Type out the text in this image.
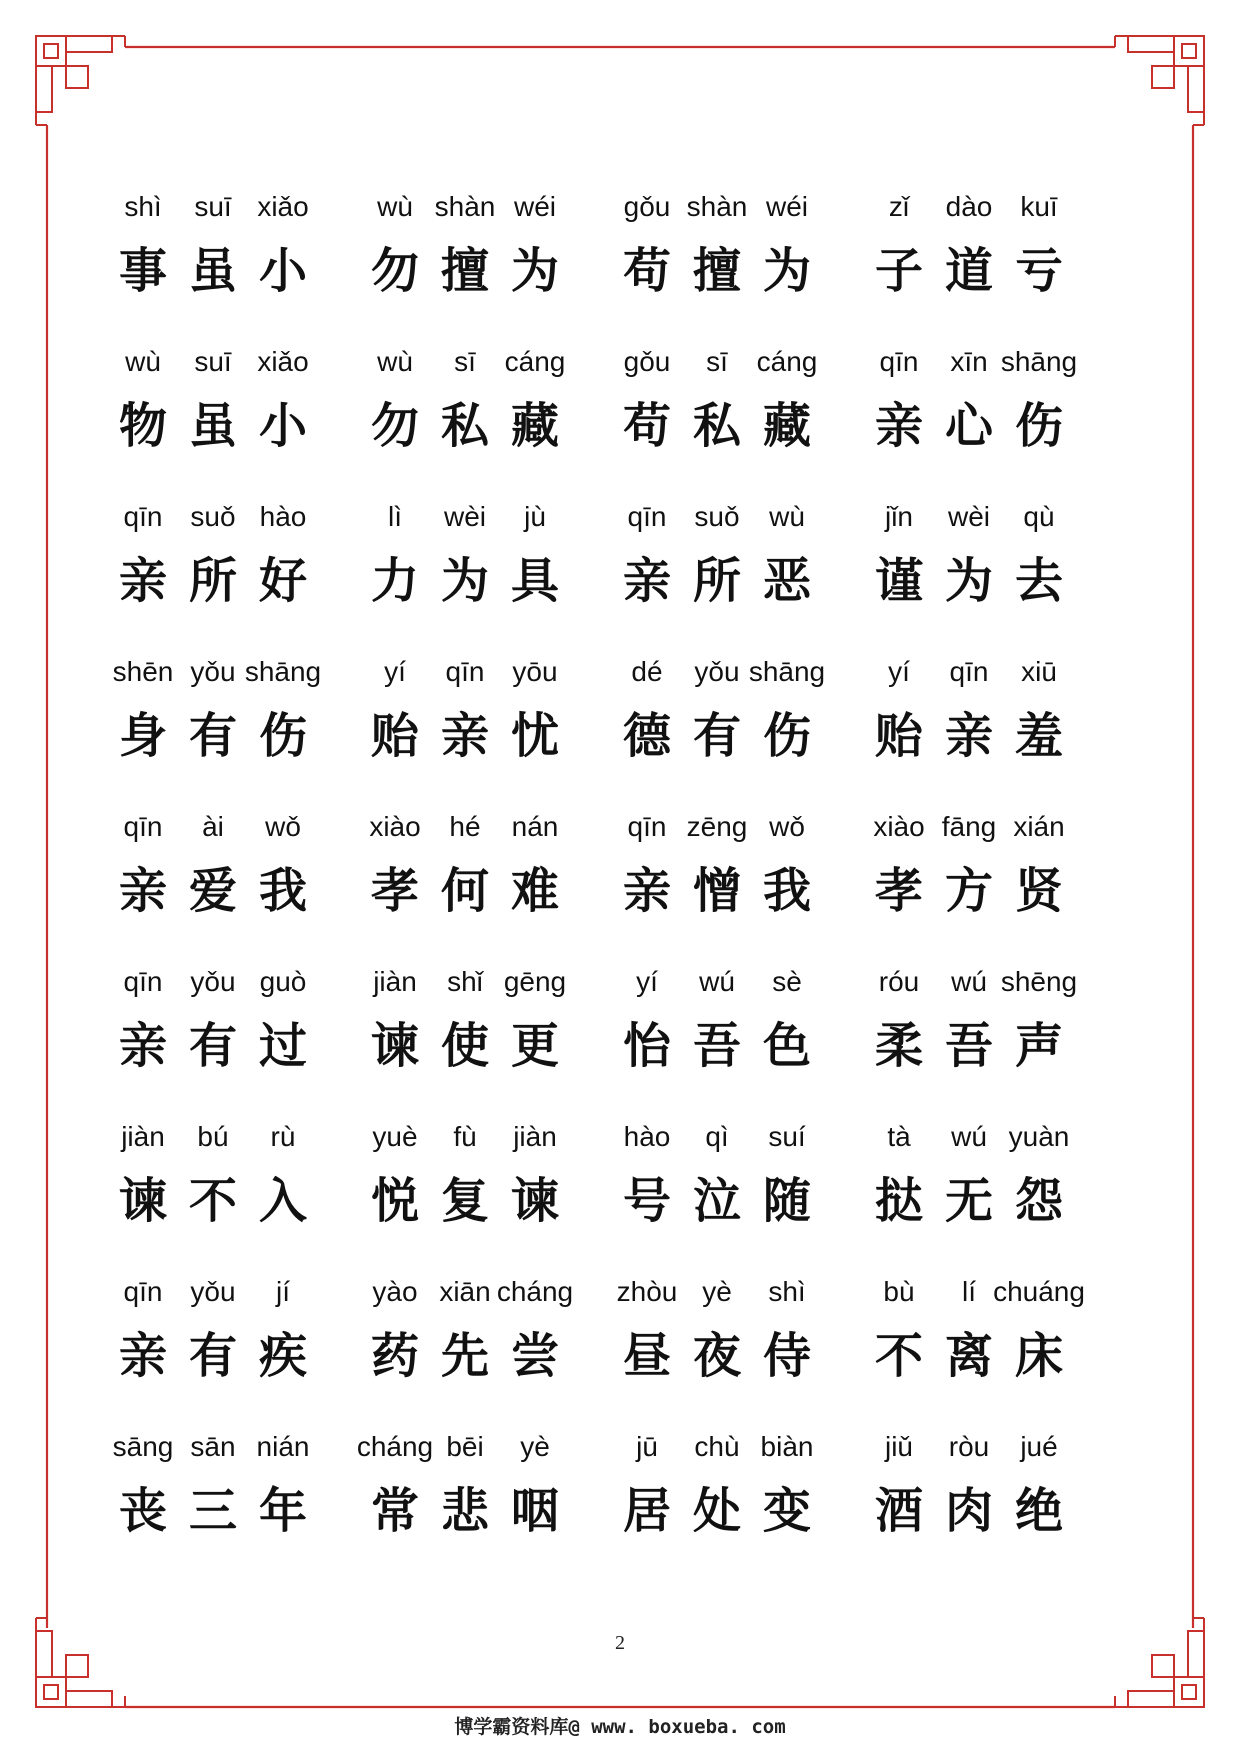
shì
事
suī
虽
xiǎo
小
wù
勿
shàn
擅
wéi
为
gǒu
苟
shàn
擅
wéi
为
zǐ
子
dào
道
kuī
亏
wù
物
suī
虽
xiǎo
小
wù
勿
sī
私
cáng
藏
gǒu
苟
sī
私
cáng
藏
qīn
亲
xīn
心
shāng
伤
qīn
亲
suǒ
所
hào
好
lì
力
wèi
为
jù
具
qīn
亲
suǒ
所
wù
恶
jǐn
谨
wèi
为
qù
去
shēn
身
yǒu
有
shāng
伤
yí
贻
qīn
亲
yōu
忧
dé
德
yǒu
有
shāng
伤
yí
贻
qīn
亲
xiū
羞
qīn
亲
ài
爱
wǒ
我
xiào
孝
hé
何
nán
难
qīn
亲
zēng
憎
wǒ
我
xiào
孝
fāng
方
xián
贤
qīn
亲
yǒu
有
guò
过
jiàn
谏
shǐ
使
gēng
更
yí
怡
wú
吾
sè
色
róu
柔
wú
吾
shēng
声
jiàn
谏
bú
不
rù
入
yuè
悦
fù
复
jiàn
谏
hào
号
qì
泣
suí
随
tà
挞
wú
无
yuàn
怨
qīn
亲
yǒu
有
jí
疾
yào
药
xiān
先
cháng
尝
zhòu
昼
yè
夜
shì
侍
bù
不
lí
离
chuáng
床
sāng
丧
sān
三
nián
年
cháng
常
bēi
悲
yè
咽
jū
居
chù
处
biàn
变
jiǔ
酒
ròu
肉
jué
绝
2
博学霸资料库@ www. boxueba. com
